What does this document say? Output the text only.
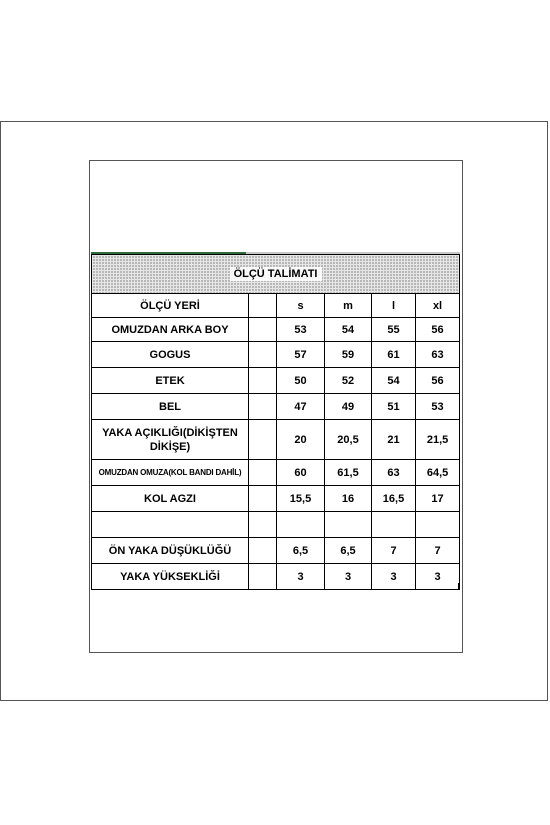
ÖLÇÜ TALİMATI					
ÖLÇÜ YERİ		s	m	l	xl
OMUZDAN ARKA BOY		53	54	55	56
GOGUS		57	59	61	63
ETEK		50	52	54	56
BEL		47	49	51	53
YAKA AÇIKLIĞI(DİKİŞTEN DİKİŞE)		20	20,5	21	21,5
OMUZDAN OMUZA(KOL BANDI DAHİL)		60	61,5	63	64,5
KOL AGZI		15,5	16	16,5	17

ÖN YAKA DÜŞÜKLÜĞÜ		6,5	6,5	7	7
YAKA YÜKSEKLİĞİ		3	3	3	3
